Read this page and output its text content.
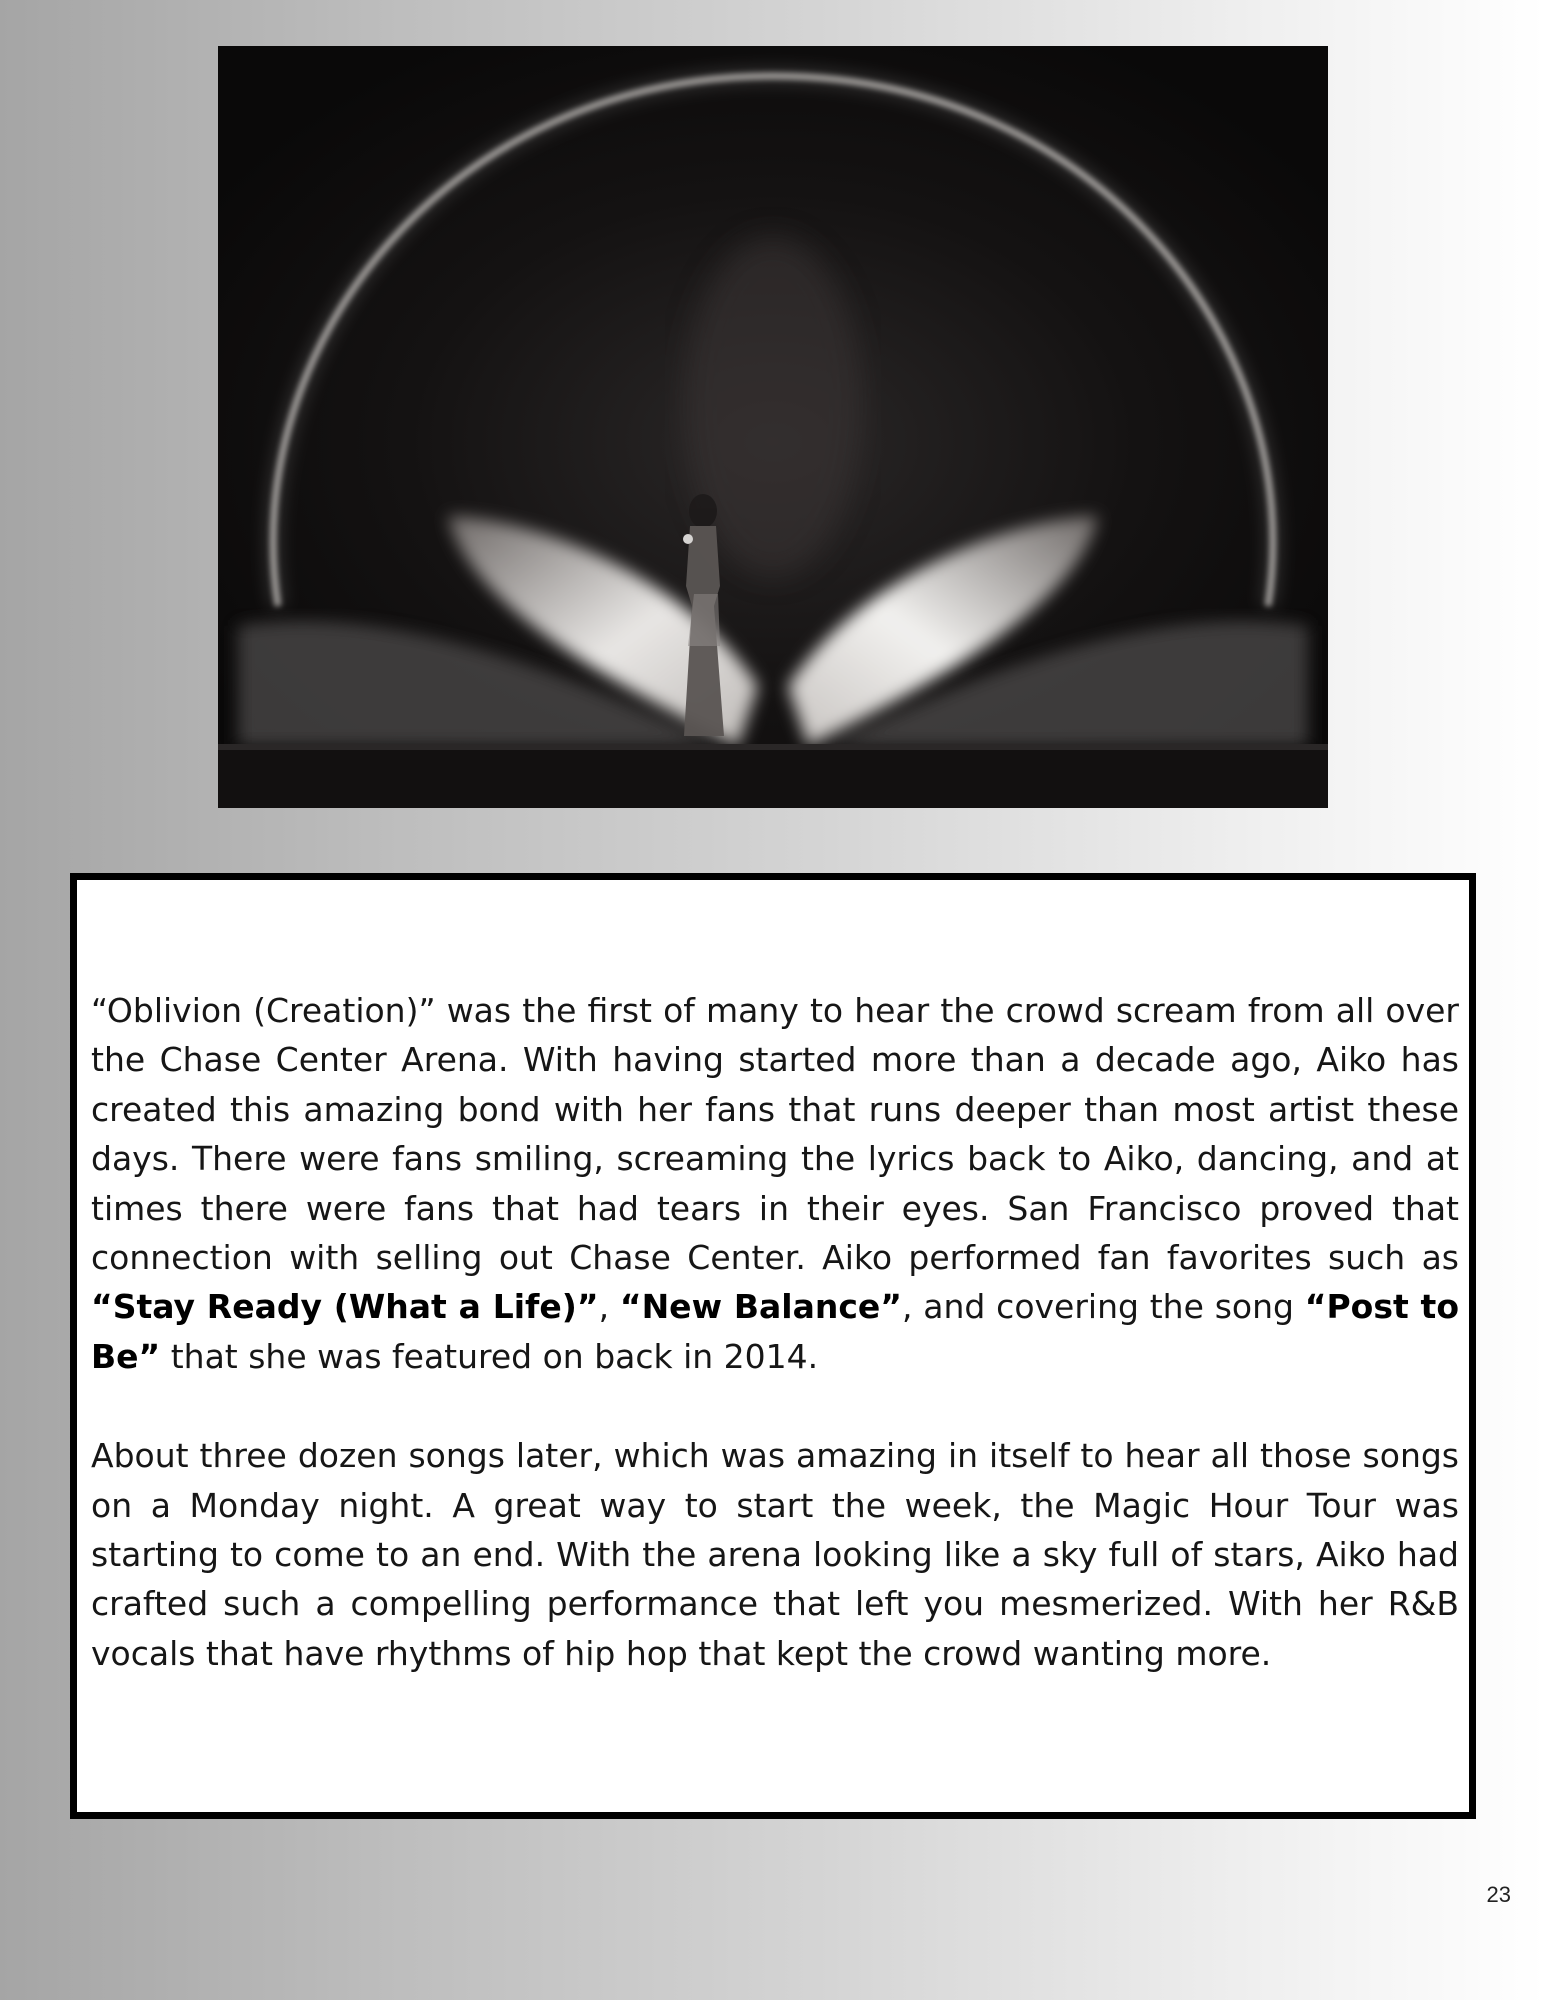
“Oblivion (Creation)” was the first of many to hear the crowd scream from all over the Chase Center Arena. With having started more than a decade ago, Aiko has created this amazing bond with her fans that runs deeper than most artist these days. There were fans smiling, screaming the lyrics back to Aiko, dancing, and at times there were fans that had tears in their eyes. San Francisco proved that connection with selling out Chase Center. Aiko performed fan favorites such as “Stay Ready (What a Life)”, “New Balance”, and covering the song “Post to Be” that she was featured on back in 2014.

About three dozen songs later, which was amazing in itself to hear all those songs on a Monday night. A great way to start the week, the Magic Hour Tour was starting to come to an end. With the arena looking like a sky full of stars, Aiko had crafted such a compelling performance that left you mesmerized. With her R&B vocals that have rhythms of hip hop that kept the crowd wanting more.

23
